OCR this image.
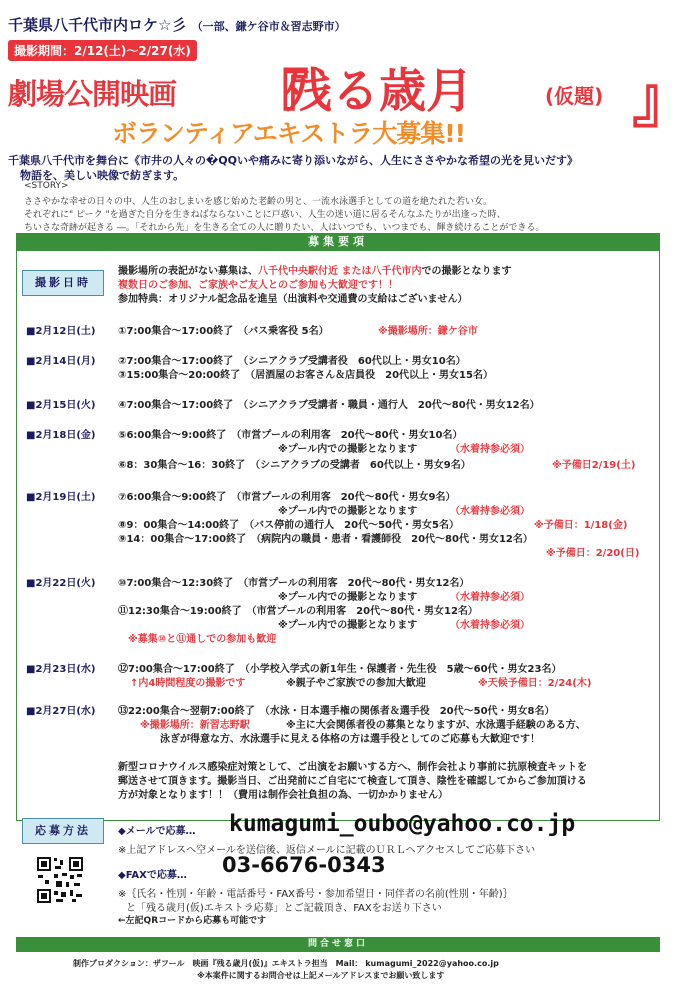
千葉県八千代市内ロケ☆彡 （一部、鎌ケ谷市＆習志野市）
撮影期間：2/12(土)～2/27(水)
劇場公開映画 『
残る歳月	(仮題) 』
ボランティアエキストラ大募集!!
千葉県八千代市を舞台に《市井の人々の�QQいや痛みに寄り添いながら、人生にささやかな希望の光を見いだす》
物語を、美しい映像で紡ぎます。
<STORY>
ささやかな幸せの日々の中、人生のおしまいを感じ始めた老齢の男と、一流水泳選手としての道を絶たれた若い女。
それぞれに" ピーク "を過ぎた自分を生きねばならないことに戸惑い、人生の迷い道に居るそんなふたりが出逢った時、
ちいさな奇跡が起きる ―。「それから先」を生きる全ての人に贈りたい、人はいつでも、いつまでも、輝き続けることができる。
募集要項
撮影日時
撮影場所の表記がない募集は、八千代中央駅付近 または八千代市内での撮影となります
複数日のご参加、ご家族やご友人とのご参加も大歓迎です！！
参加特典：オリジナル記念品を進呈（出演料や交通費の支給はございません）
■2月12日(土) ①7:00集合～17:00終了　（バス乗客役 5名）	※撮影場所：鎌ケ谷市
■2月14日(月) ②7:00集合～17:00終了　（シニアクラブ受講者役　60代以上・男女10名）
③15:00集合～20:00終了　（居酒屋のお客さん＆店員役　20代以上・男女15名）
■2月15日(火) ④7:00集合～17:00終了　（シニアクラブ受講者・職員・通行人　20代～80代・男女12名）
■2月18日(金) ⑤6:00集合～9:00終了　（市営プールの利用客　20代～80代・男女10名）
※プール内での撮影となります	（水着持参必須）
⑥8：30集合～16：30終了　（シニアクラブの受講者　60代以上・男女9名）	※予備日2/19(土)
■2月19日(土) ⑦6:00集合～9:00終了　（市営プールの利用客　20代～80代・男女9名）
※プール内での撮影となります	（水着持参必須）
⑧9：00集合～14:00終了　（バス停前の通行人　20代～50代・男女5名）	※予備日：1/18(金)
⑨14：00集合～17:00終了　（病院内の職員・患者・看護師役　20代～80代・男女12名）
※予備日：2/20(日)
■2月22日(火) ⑩7:00集合～12:30終了　（市営プールの利用客　20代～80代・男女12名）
※プール内での撮影となります	（水着持参必須）
⑪12:30集合～19:00終了　（市営プールの利用客　20代～80代・男女12名）
※プール内での撮影となります	（水着持参必須）
※募集⑩と⑪通しでの参加も歓迎
■2月23日(水) ⑫7:00集合～17:00終了　（小学校入学式の新1年生・保護者・先生役　5歳～60代・男女23名）
↑内4時間程度の撮影です	※親子やご家族での参加大歓迎	※天候予備日：2/24(木)
■2月27日(水) ⑬22:00集合～翌朝7:00終了　（水泳・日本選手権の関係者＆選手役　20代～50代・男女8名）
※撮影場所：新習志野駅	※主に大会関係者役の募集となりますが、水泳選手経験のある方、
泳ぎが得意な方、水泳選手に見える体格の方は選手役としてのご応募も大歓迎です！
新型コロナウイルス感染症対策として、ご出演をお願いする方へ、制作会社より事前に抗原検査キットを
郵送させて頂きます。撮影当日、ご出発前にご自宅にて検査して頂き、陰性を確認してからご参加頂ける
方が対象となります！！（費用は制作会社負担の為、一切かかりません）
応募方法	◆メールで応募… kumagumi_oubo@yahoo.co.jp
※上記アドレスへ空メールを送信後、返信メールに記載のＵＲＬへアクセスしてご応募下さい
◆FAXで応募… 03-6676-0343
※｛氏名・性別・年齢・電話番号・FAX番号・参加希望日・同伴者の名前(性別・年齢)｝
と「残る歳月(仮)エキストラ応募」とご記載頂き、FAXをお送り下さい
←左記QRコードから応募も可能です
問合せ窓口
制作プロダクション：ザフール　映画『残る歳月(仮)』エキストラ担当　Mail： kumagumi_2022@yahoo.co.jp
※本案件に関するお問合せは上記メールアドレスまでお願い致します
